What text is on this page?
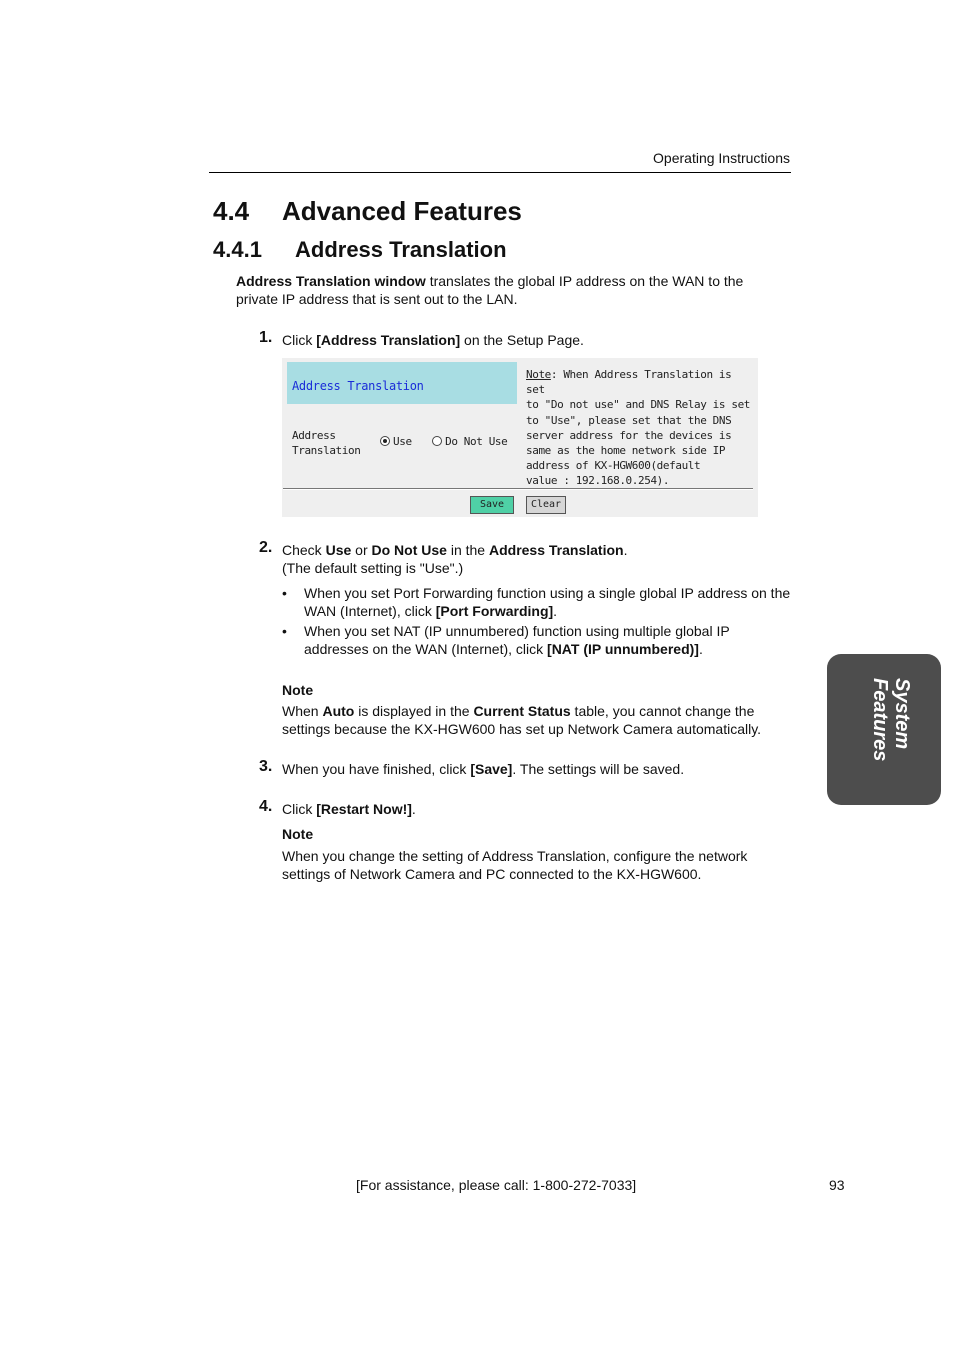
Operating Instructions
4.4 Advanced Features
4.4.1 Address Translation
Address Translation window translates the global IP address on the WAN to the private IP address that is sent out to the LAN.
1. Click [Address Translation] on the Setup Page.
Address Translation
Address
Translation
Use	Do Not Use
Note: When Address Translation is set
to "Do not use" and DNS Relay is set
to "Use", please set that the DNS
server address for the devices is
same as the home network side IP
address of KX-HGW600(default
value : 192.168.0.254).
Save	Clear
2. Check Use or Do Not Use in the Address Translation.
(The default setting is "Use".)
• When you set Port Forwarding function using a single global IP address on the WAN (Internet), click [Port Forwarding].
• When you set NAT (IP unnumbered) function using multiple global IP addresses on the WAN (Internet), click [NAT (IP unnumbered)].
Note
When Auto is displayed in the Current Status table, you cannot change the settings because the KX-HGW600 has set up Network Camera automatically.
3. When you have finished, click [Save]. The settings will be saved.
4. Click [Restart Now!].
Note
When you change the setting of Address Translation, configure the network settings of Network Camera and PC connected to the KX-HGW600.
System
Features
[For assistance, please call: 1-800-272-7033]	93
